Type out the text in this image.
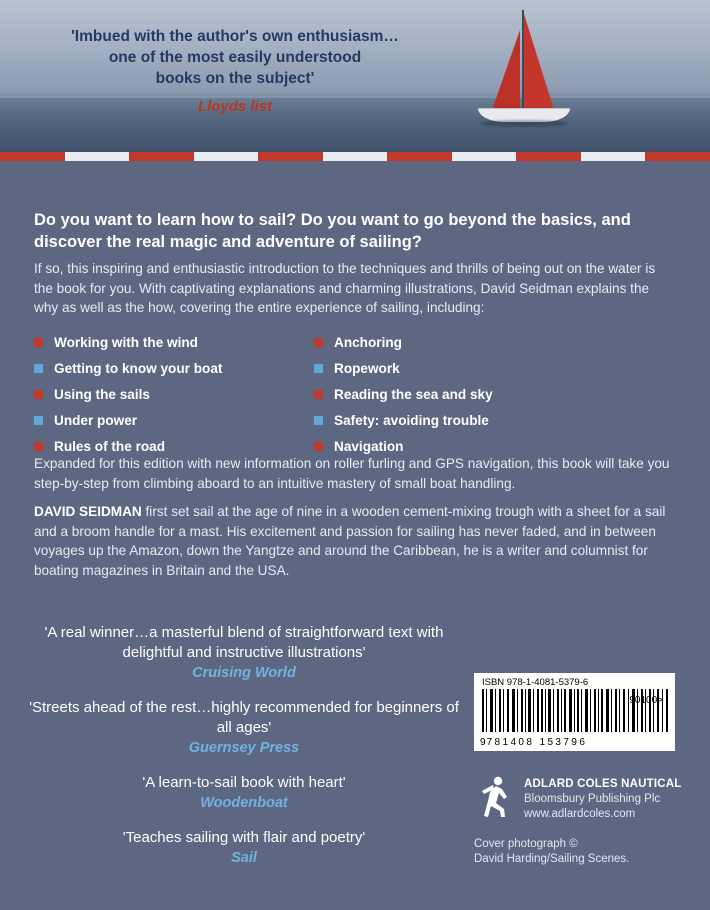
'Imbued with the author's own enthusiasm…
one of the most easily understood
books on the subject'
Lloyds list
Do you want to learn how to sail? Do you want to go beyond the basics, and discover the real magic and adventure of sailing?
If so, this inspiring and enthusiastic introduction to the techniques and thrills of being out on the water is the book for you. With captivating explanations and charming illustrations, David Seidman explains the why as well as the how, covering the entire experience of sailing, including:
Working with the wind
Getting to know your boat
Using the sails
Under power
Rules of the road
Anchoring
Ropework
Reading the sea and sky
Safety: avoiding trouble
Navigation
Expanded for this edition with new information on roller furling and GPS navigation, this book will take you step-by-step from climbing aboard to an intuitive mastery of small boat handling.
DAVID SEIDMAN first set sail at the age of nine in a wooden cement-mixing trough with a sheet for a sail and a broom handle for a mast. His excitement and passion for sailing has never faded, and in between voyages up the Amazon, down the Yangtze and around the Caribbean, he is a writer and columnist for boating magazines in Britain and the USA.
'A real winner…a masterful blend of straightforward text with delightful and instructive illustrations'
Cruising World
'Streets ahead of the rest…highly recommended for beginners of all ages'
Guernsey Press
'A learn-to-sail book with heart'
Woodenboat
'Teaches sailing with flair and poetry'
Sail
ISBN 978-1-4081-5379-6
90100>
9781408 153796
ADLARD COLES NAUTICAL
Bloomsbury Publishing Plc
www.adlardcoles.com
Cover photograph ©
David Harding/Sailing Scenes.
